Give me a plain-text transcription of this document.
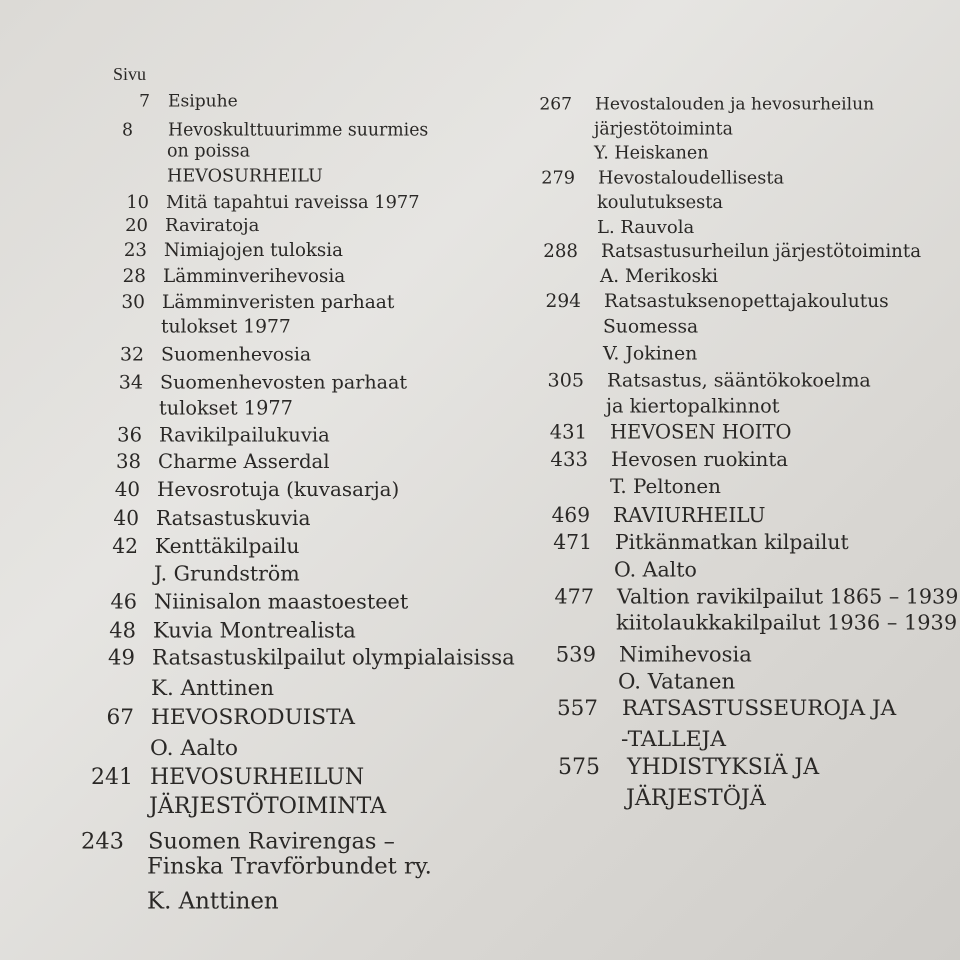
Sivu
7 Esipuhe
8 Hevoskulttuurimme suurmies
on poissa
HEVOSURHEILU
10 Mitä tapahtui raveissa 1977
20 Raviratoja
23 Nimiajojen tuloksia
28 Lämminverihevosia
30 Lämminveristen parhaat
tulokset 1977
32 Suomenhevosia
34 Suomenhevosten parhaat
tulokset 1977
36 Ravikilpailukuvia
38 Charme Asserdal
40 Hevosrotuja (kuvasarja)
40 Ratsastuskuvia
42 Kenttäkilpailu
J. Grundström
46 Niinisalon maastoesteet
48 Kuvia Montrealista
49 Ratsastuskilpailut olympialaisissa
K. Anttinen
67 HEVOSRODUISTA
O. Aalto
241 HEVOSURHEILUN
JÄRJESTÖTOIMINTA
243 Suomen Ravirengas –
Finska Travförbundet ry.
K. Anttinen
267 Hevostalouden ja hevosurheilun
järjestötoiminta
Y. Heiskanen
279 Hevostaloudellisesta
koulutuksesta
L. Rauvola
288 Ratsastusurheilun järjestötoiminta
A. Merikoski
294 Ratsastuksenopettajakoulutus
Suomessa
V. Jokinen
305 Ratsastus, sääntökokoelma
ja kiertopalkinnot
431 HEVOSEN HOITO
433 Hevosen ruokinta
T. Peltonen
469 RAVIURHEILU
471 Pitkänmatkan kilpailut
O. Aalto
477 Valtion ravikilpailut 1865 – 1939
kiitolaukkakilpailut 1936 – 1939
539 Nimihevosia
O. Vatanen
557 RATSASTUSSEUROJA JA
-TALLEJA
575 YHDISTYKSIÄ JA
JÄRJESTÖJÄ
